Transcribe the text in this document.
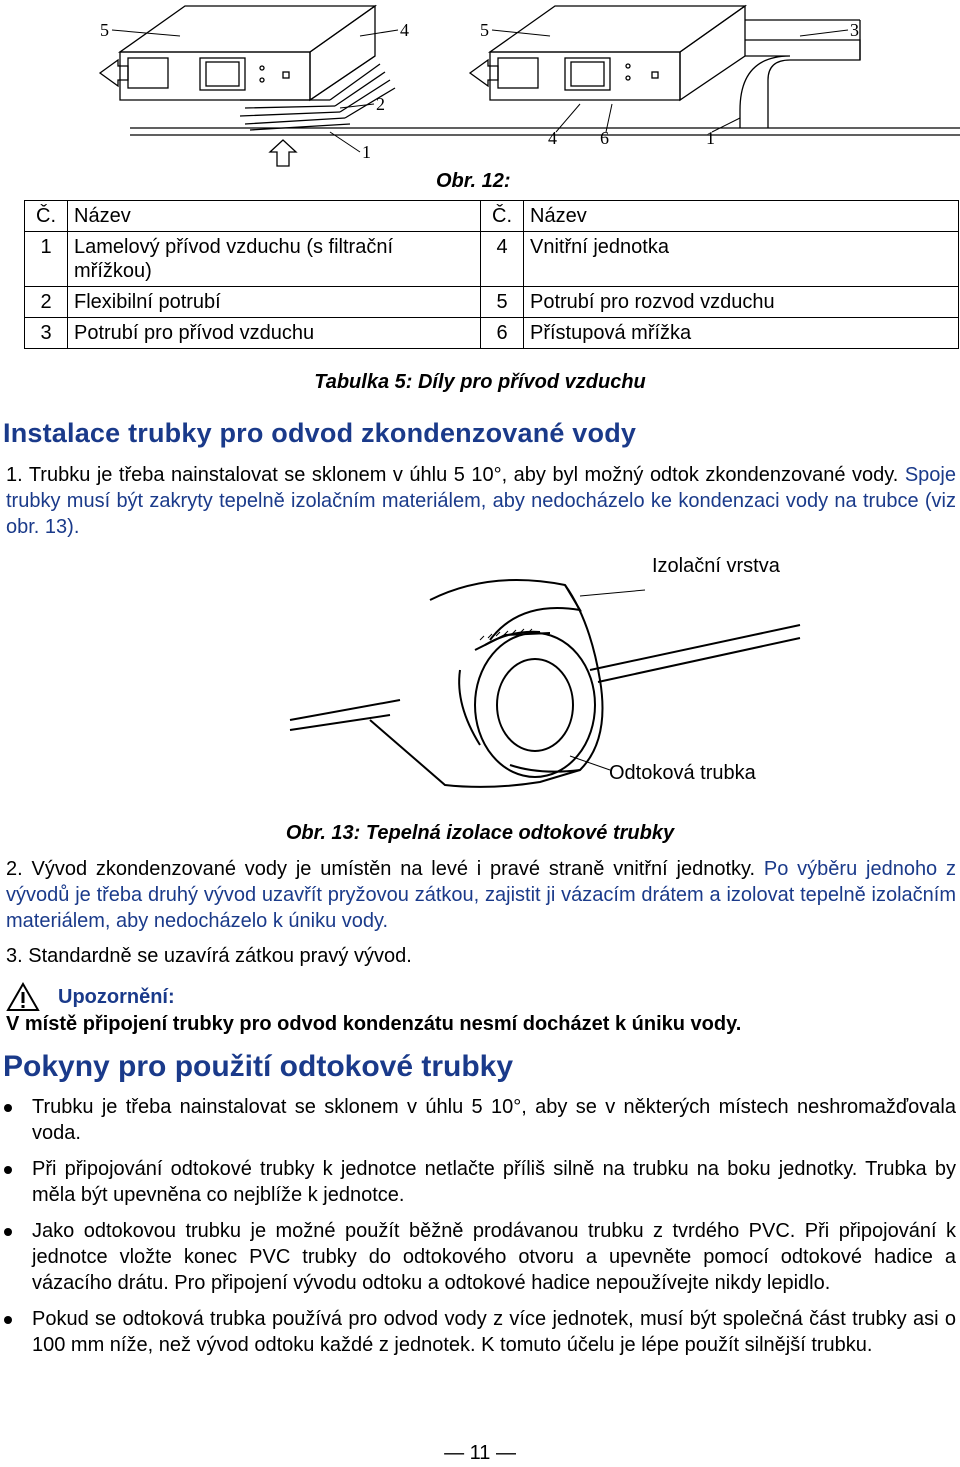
5	4
2
1
5	3
4 6	1
Obr. 12:
Č.	Název	Č.	Název
1	Lamelový přívod vzduchu (s filtrační mřížkou)	4	Vnitřní jednotka
2	Flexibilní potrubí	5	Potrubí pro rozvod vzduchu
3	Potrubí pro přívod vzduchu	6	Přístupová mřížka
Tabulka 5: Díly pro přívod vzduchu
Instalace trubky pro odvod zkondenzované vody
1. Trubku je třeba nainstalovat se sklonem v úhlu 5 10°, aby byl možný odtok zkondenzované vody. Spoje trubky musí být zakryty tepelně izolačním materiálem, aby nedocházelo ke kondenzaci vody na trubce (viz obr. 13).
Izolační vrstva
Odtoková trubka
Obr. 13: Tepelná izolace odtokové trubky
2. Vývod zkondenzované vody je umístěn na levé i pravé straně vnitřní jednotky. Po výběru jednoho z vývodů je třeba druhý vývod uzavřít pryžovou zátkou, zajistit ji vázacím drátem a izolovat tepelně izolačním materiálem, aby nedocházelo k úniku vody.
3. Standardně se uzavírá zátkou pravý vývod.
Upozornění:
V místě připojení trubky pro odvod kondenzátu nesmí docházet k úniku vody.
Pokyny pro použití odtokové trubky
Trubku je třeba nainstalovat se sklonem v úhlu 5 10°, aby se v některých místech neshromažďovala voda.
Při připojování odtokové trubky k jednotce netlačte příliš silně na trubku na boku jednotky. Trubka by měla být upevněna co nejblíže k jednotce.
Jako odtokovou trubku je možné použít běžně prodávanou trubku z tvrdého PVC. Při připojování k jednotce vložte konec PVC trubky do odtokového otvoru a upevněte pomocí odtokové hadice a vázacího drátu. Pro připojení vývodu odtoku a odtokové hadice nepoužívejte nikdy lepidlo.
Pokud se odtoková trubka používá pro odvod vody z více jednotek, musí být společná část trubky asi o 100 mm níže, než vývod odtoku každé z jednotek. K tomuto účelu je lépe použít silnější trubku.
— 11 —
